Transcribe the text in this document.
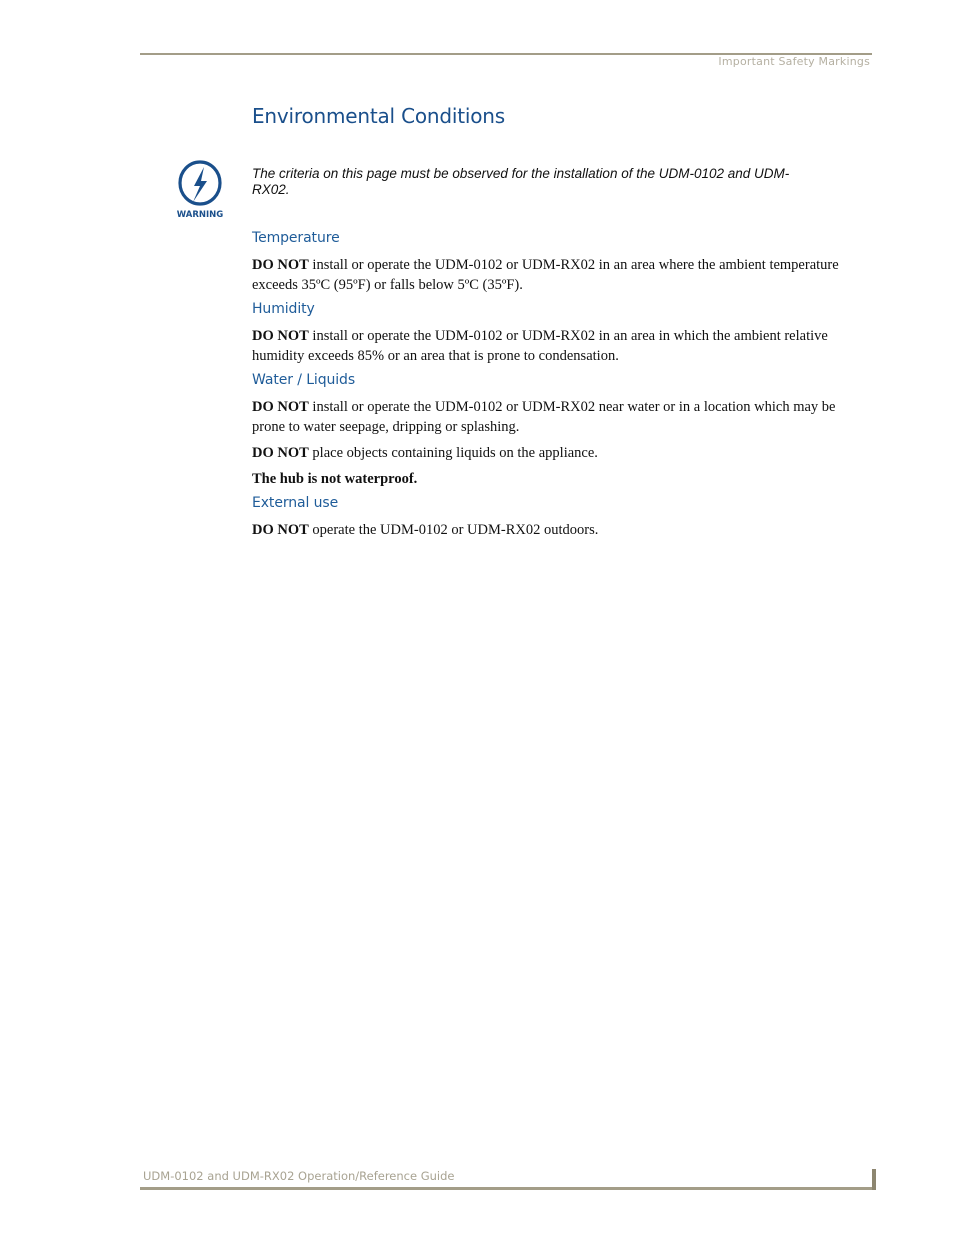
Important Safety Markings
Environmental Conditions
WARNING
The criteria on this page must be observed for the installation of the UDM-0102 and UDM-RX02.
Temperature

DO NOT install or operate the UDM-0102 or UDM-RX02 in an area where the ambient temperature exceeds 35ºC (95ºF) or falls below 5ºC (35ºF).

Humidity

DO NOT install or operate the UDM-0102 or UDM-RX02 in an area in which the ambient relative humidity exceeds 85% or an area that is prone to condensation.

Water / Liquids

DO NOT install or operate the UDM-0102 or UDM-RX02 near water or in a location which may be prone to water seepage, dripping or splashing.

DO NOT place objects containing liquids on the appliance.

The hub is not waterproof.

External use

DO NOT operate the UDM-0102 or UDM-RX02 outdoors.

UDM-0102 and UDM-RX02 Operation/Reference Guide
